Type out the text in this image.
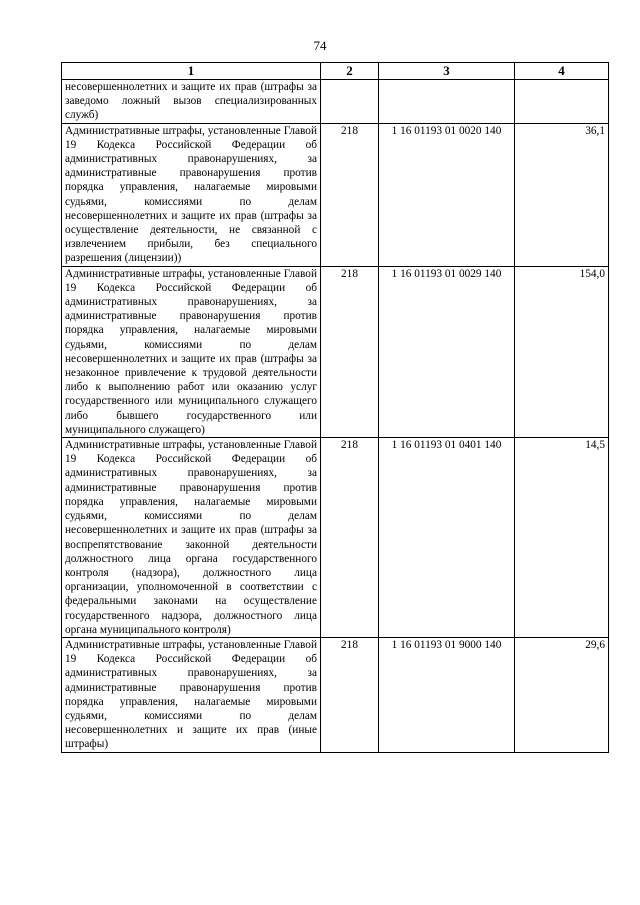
74
1	2	3	4
несовершеннолетних и защите их прав (штрафы за заведомо ложный вызов специализированных служб)			
Административные штрафы, установленные Главой 19 Кодекса Российской Федерации об административных правонарушениях, за административные правонарушения против порядка управления, налагаемые мировыми судьями, комиссиями по делам несовершеннолетних и защите их прав (штрафы за осуществление деятельности, не связанной с извлечением прибыли, без специального разрешения (лицензии))	218	1 16 01193 01 0020 140	36,1
Административные штрафы, установленные Главой 19 Кодекса Российской Федерации об административных правонарушениях, за административные правонарушения против порядка управления, налагаемые мировыми судьями, комиссиями по делам несовершеннолетних и защите их прав (штрафы за незаконное привлечение к трудовой деятельности либо к выполнению работ или оказанию услуг государственного или муниципального служащего либо бывшего государственного или муниципального служащего)	218	1 16 01193 01 0029 140	154,0
Административные штрафы, установленные Главой 19 Кодекса Российской Федерации об административных правонарушениях, за административные правонарушения против порядка управления, налагаемые мировыми судьями, комиссиями по делам несовершеннолетних и защите их прав (штрафы за воспрепятствование законной деятельности должностного лица органа государственного контроля (надзора), должностного лица организации, уполномоченной в соответствии с федеральными законами на осуществление государственного надзора, должностного лица органа муниципального контроля)	218	1 16 01193 01 0401 140	14,5
Административные штрафы, установленные Главой 19 Кодекса Российской Федерации об административных правонарушениях, за административные правонарушения против порядка управления, налагаемые мировыми судьями, комиссиями по делам несовершеннолетних и защите их прав (иные штрафы)	218	1 16 01193 01 9000 140	29,6
